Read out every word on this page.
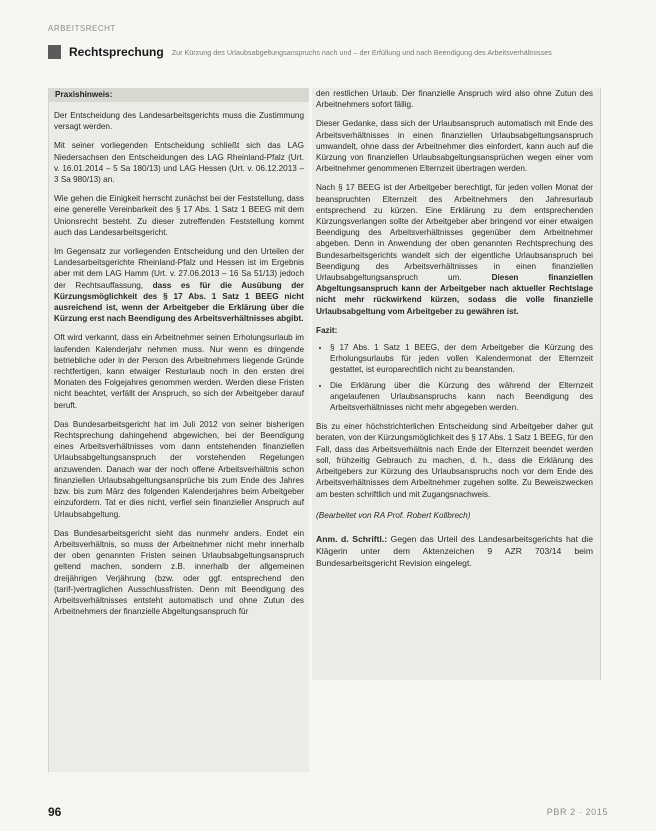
ARBEITSRECHT
Rechtsprechung Zur Kürzung des Urlaubsabgeltungsanspruchs nach und – der Erfüllung und nach Beendigung des Arbeitsverhältnisses
Praxishinweis:

Der Entscheidung des Landesarbeitsgerichts muss die Zustimmung versagt werden.

Mit seiner vorliegenden Entscheidung schließt sich das LAG Niedersachsen den Entscheidungen des LAG Rheinland-Pfalz (Urt. v. 16.01.2014 – 5 Sa 180/13) und LAG Hessen (Urt. v. 06.12.2013 – 3 Sa 980/13) an.

Wie gehen die Einigkeit herrscht zunächst bei der Feststellung, dass eine generelle Vereinbarkeit des § 17 Abs. 1 Satz 1 BEEG mit dem Unionsrecht besteht. Zu dieser zutreffenden Feststellung kommt auch das Landesarbeitsgericht.

Im Gegensatz zur vorliegenden Entscheidung und den Urteilen der Landesarbeitsgerichte Rheinland-Pfalz und Hessen ist im Ergebnis aber mit dem LAG Hamm (Urt. v. 27.06.2013 – 16 Sa 51/13) jedoch der Rechtsauffassung, dass es für die Ausübung der Kürzungsmöglichkeit des § 17 Abs. 1 Satz 1 BEEG nicht ausreichend ist, wenn der Arbeitgeber die Erklärung über die Kürzung erst nach Beendigung des Arbeitsverhältnisses abgibt.

Oft wird verkannt, dass ein Arbeitnehmer seinen Erholungsurlaub im laufenden Kalenderjahr nehmen muss. Nur wenn es dringende betriebliche oder in der Person des Arbeitnehmers liegende Gründe rechtfertigen, kann etwaiger Resturlaub noch in den ersten drei Monaten des Folgejahres genommen werden. Werden diese Fristen nicht beachtet, verfällt der Anspruch, so sich der Arbeitgeber darauf beruft.

Das Bundesarbeitsgericht hat im Juli 2012 von seiner bisherigen Rechtsprechung dahingehend abgewichen, bei der Beendigung eines Arbeitsverhältnisses vom dann entstehenden finanziellen Urlaubsabgeltungsanspruch der vorstehenden Regelungen anzuwenden. Danach war der noch offene Arbeitsverhältnis schon finanziellen Urlaubsabgeltungsansprüche bis zum Ende des Jahres bzw. bis zum März des folgenden Kalenderjahres beim Arbeitgeber einzufordern. Tat er dies nicht, verfiel sein finanzieller Anspruch auf Urlaubsabgeltung.

Das Bundesarbeitsgericht sieht das nunmehr anders. Endet ein Arbeitsverhältnis, so muss der Arbeitnehmer nicht mehr innerhalb der oben genannten Fristen seinen Urlaubsabgeltungsanspruch geltend machen, sondern z.B. innerhalb der allgemeinen dreijährigen Verjährung (bzw. oder ggf. entsprechend den (tarif-)vertraglichen Ausschlussfristen. Denn mit Beendigung des Arbeitsverhältnisses entsteht automatisch und ohne Zutun des Arbeitnehmers der finanzielle Abgeltungsanspruch für

den restlichen Urlaub. Der finanzielle Anspruch wird also ohne Zutun des Arbeitnehmers sofort fällig.

Dieser Gedanke, dass sich der Urlaubsanspruch automatisch mit Ende des Arbeitsverhältnisses in einen finanziellen Urlaubsabgeltungsanspruch umwandelt, ohne dass der Arbeitnehmer dies einfordert, kann auch auf die Kürzung von finanziellen Urlaubsabgeltungsansprüchen wegen einer vom Arbeitnehmer genommenen Elternzeit übertragen werden.

Nach § 17 BEEG ist der Arbeitgeber berechtigt, für jeden vollen Monat der beanspruchten Elternzeit des Arbeitnehmers den Jahresurlaub entsprechend zu kürzen. Eine Erklärung zu dem entsprechenden Kürzungsverlangen sollte der Arbeitgeber aber bringend vor einer etwaigen Beendigung des Arbeitsverhältnisses gegenüber dem Arbeitnehmer abgeben. Denn in Anwendung der oben genannten Rechtsprechung des Bundesarbeitsgerichts wandelt sich der eigentliche Urlaubsanspruch bei Beendigung des Arbeitsverhältnisses in einen finanziellen Urlaubsabgeltungsanspruch um. Diesen finanziellen Abgeltungsanspruch kann der Arbeitgeber nach aktueller Rechtslage nicht mehr rückwirkend kürzen, sodass die volle finanzielle Urlaubsabgeltung vom Arbeitgeber zu gewähren ist.

Fazit:
• § 17 Abs. 1 Satz 1 BEEG, der dem Arbeitgeber die Kürzung des Erholungsurlaubs für jeden vollen Kalendermonat der Elternzeit gestattet, ist europarechtlich nicht zu beanstanden.
• Die Erklärung über die Kürzung des während der Elternzeit angelaufenen Urlaubsanspruchs kann nach Beendigung des Arbeitsverhältnisses nicht mehr abgegeben werden.

Bis zu einer höchstrichterlichen Entscheidung sind Arbeitgeber daher gut beraten, von der Kürzungsmöglichkeit des § 17 Abs. 1 Satz 1 BEEG, für den Fall, dass das Arbeitsverhältnis nach Ende der Elternzeit beendet werden soll, frühzeitig Gebrauch zu machen, d. h., dass die Erklärung des Arbeitgebers zur Kürzung des Urlaubsanspruchs noch vor dem Ende des Arbeitsverhältnisses dem Arbeitnehmer zugehen sollte. Zu Beweiszwecken am besten schriftlich und mit Zugangsnachweis.

(Bearbeitet von RA Prof. Robert Kollbrech)
Anm. d. Schriftl.: Gegen das Urteil des Landesarbeitsgerichts hat die Klägerin unter dem Aktenzeichen 9 AZR 703/14 beim Bundesarbeitsgericht Revision eingelegt.
96	PBR 2 · 2015
